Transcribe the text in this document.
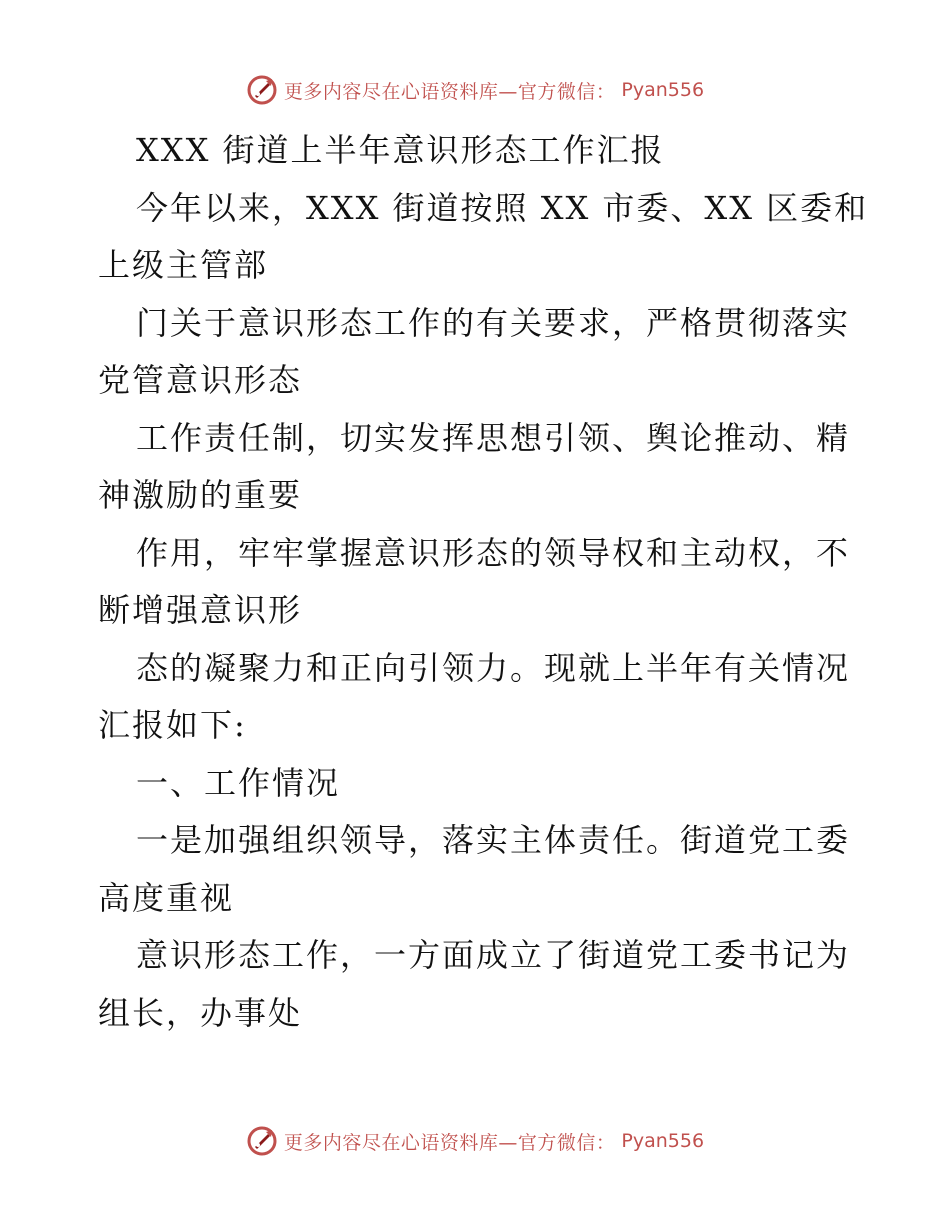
更多内容尽在心语资料库—官方微信： Pyan556
XXX 街道上半年意识形态工作汇报
今年以来，XXX 街道按照 XX 市委、XX 区委和
上级主管部
门关于意识形态工作的有关要求，严格贯彻落实
党管意识形态
工作责任制，切实发挥思想引领、舆论推动、精
神激励的重要
作用，牢牢掌握意识形态的领导权和主动权，不
断增强意识形
态的凝聚力和正向引领力。现就上半年有关情况
汇报如下:
一、工作情况
一是加强组织领导，落实主体责任。街道党工委
高度重视
意识形态工作，一方面成立了街道党工委书记为
组长，办事处
更多内容尽在心语资料库—官方微信： Pyan556
